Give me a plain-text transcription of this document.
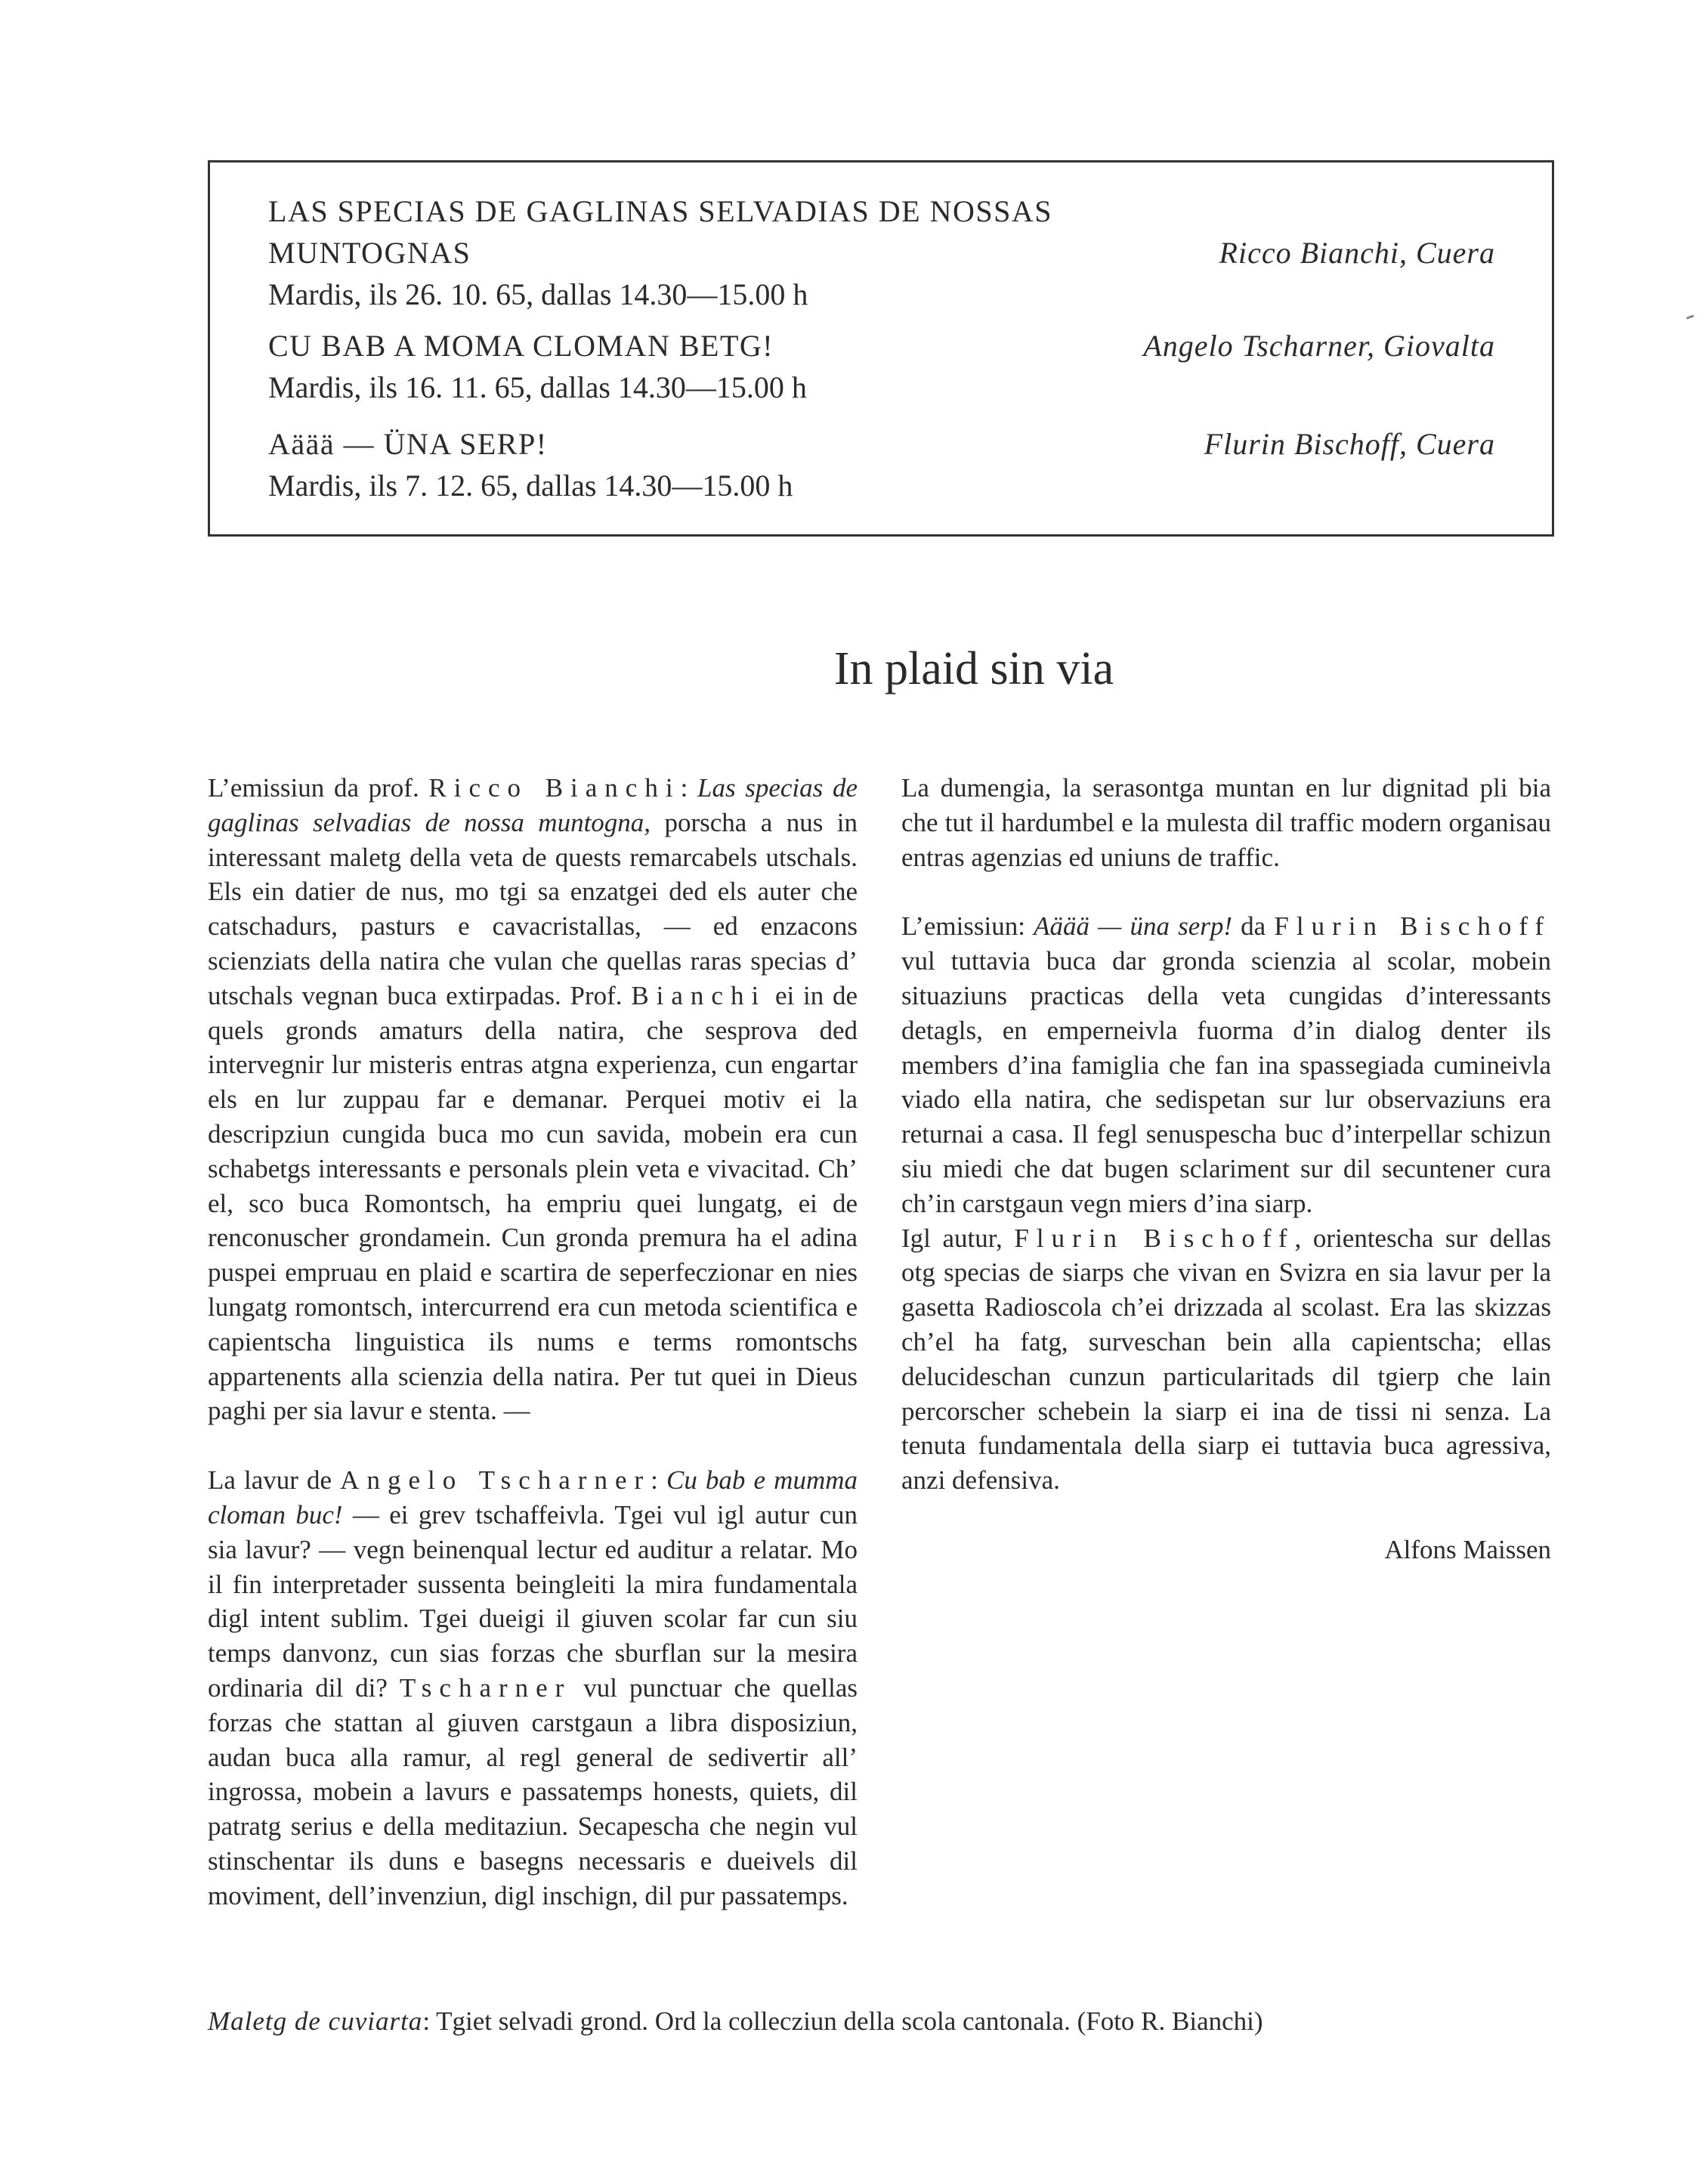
LAS SPECIAS DE GAGLINAS SELVADIAS DE NOSSAS
MUNTOGNAS
Mardis, ils 26. 10. 65, dallas 14.30—15.00 h
Ricco Bianchi, Cuera
CU BAB A MOMA CLOMAN BETG!
Mardis, ils 16. 11. 65, dallas 14.30—15.00 h
Angelo Tscharner, Giovalta
Aäää — ÜNA SERP!
Mardis, ils 7. 12. 65, dallas 14.30—15.00 h
Flurin Bischoff, Cuera
In plaid sin via

L’emissiun da prof. Ricco Bianchi: Las specias de gaglinas selvadias de nossa muntogna, porscha a nus in interessant maletg della veta de quests remarcabels utschals. Els ein datier de nus, mo tgi sa enzatgei ded els auter che catschadurs, pasturs e cavacristallas, — ed enzacons scienziats della natira che vulan che quellas raras specias d’ utschals vegnan buca extirpadas. Prof. Bianchi ei in de quels gronds amaturs della natira, che sesprova ded intervegnir lur misteris entras atgna experienza, cun engartar els en lur zuppau far e demanar. Perquei motiv ei la descripziun cungida buca mo cun savida, mobein era cun schabetgs interessants e personals plein veta e vivacitad. Ch’ el, sco buca Romontsch, ha empriu quei lungatg, ei de renconuscher grondamein. Cun gronda premura ha el adina puspei empruau en plaid e scartira de seperfeczionar en nies lungatg romontsch, intercurrend era cun metoda scientifica e capientscha linguistica ils nums e terms romontschs appartenents alla scienzia della natira. Per tut quei in Dieus paghi per sia lavur e stenta. —

La lavur de Angelo Tscharner: Cu bab e mumma cloman buc! — ei grev tschaffeivla. Tgei vul igl autur cun sia lavur? — vegn beinenqual lectur ed auditur a relatar. Mo il fin interpretader sussenta beingleiti la mira fundamentala digl intent sublim. Tgei dueigi il giuven scolar far cun siu temps danvonz, cun sias forzas che sburflan sur la mesira ordinaria dil di? Tscharner vul punctuar che quellas forzas che stattan al giuven carstgaun a libra disposiziun, audan buca alla ramur, al regl general de sedivertir all’ ingrossa, mobein a lavurs e passatemps honests, quiets, dil patratg serius e della meditaziun. Secapescha che negin vul stinschentar ils duns e basegns necessaris e dueivels dil moviment, dell’invenziun, digl inschign, dil pur passatemps.

La dumengia, la serasontga muntan en lur dignitad pli bia che tut il hardumbel e la mulesta dil traffic modern organisau entras agenzias ed uniuns de traffic.

L’emissiun: Aäää — üna serp! da Flurin Bischoff vul tuttavia buca dar gronda scienzia al scolar, mobein situaziuns practicas della veta cungidas d’interessants detagls, en emperneivla fuorma d’in dialog denter ils members d’ina famiglia che fan ina spassegiada cumineivla viado ella natira, che sedispetan sur lur observaziuns era returnai a casa. Il fegl senuspescha buc d’interpellar schizun siu miedi che dat bugen sclariment sur dil secuntener cura ch’in carstgaun vegn miers d’ina siarp.

Igl autur, Flurin Bischoff, orientescha sur dellas otg specias de siarps che vivan en Svizra en sia lavur per la gasetta Radioscola ch’ei drizzada al scolast. Era las skizzas ch’el ha fatg, surveschan bein alla capientscha; ellas delucideschan cunzun particularitads dil tgierp che lain percorscher schebein la siarp ei ina de tissi ni senza. La tenuta fundamentala della siarp ei tuttavia buca agressiva, anzi defensiva.

Alfons Maissen

Maletg de cuviarta: Tgiet selvadi grond. Ord la collecziun della scola cantonala. (Foto R. Bianchi)
